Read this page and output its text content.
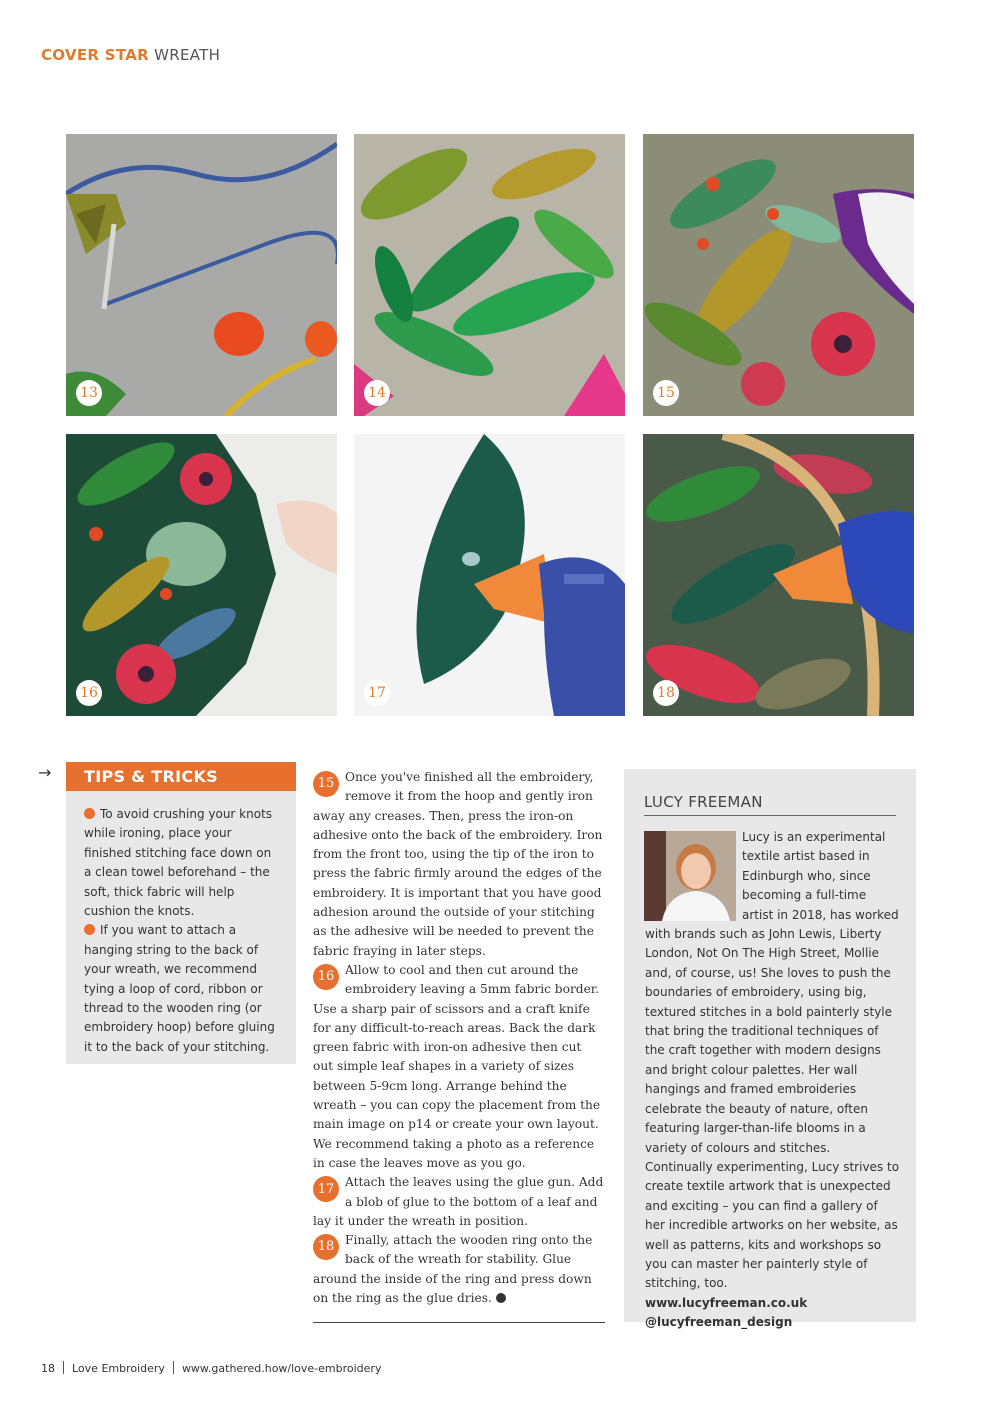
COVER STAR WREATH
13	14	15
16	17	18
→	TIPS & TRICKS

To avoid crushing your knots while ironing, place your finished stitching face down on a clean towel beforehand – the soft, thick fabric will help cushion the knots.

If you want to attach a hanging string to the back of your wreath, we recommend tying a loop of cord, ribbon or thread to the wooden ring (or embroidery hoop) before gluing it to the back of your stitching.

15 Once you've finished all the embroidery, remove it from the hoop and gently iron away any creases. Then, press the iron-on adhesive onto the back of the embroidery. Iron from the front too, using the tip of the iron to press the fabric firmly around the edges of the embroidery. It is important that you have good adhesion around the outside of your stitching as the adhesive will be needed to prevent the fabric fraying in later steps.

16 Allow to cool and then cut around the embroidery leaving a 5mm fabric border. Use a sharp pair of scissors and a craft knife for any difficult-to-reach areas. Back the dark green fabric with iron-on adhesive then cut out simple leaf shapes in a variety of sizes between 5-9cm long. Arrange behind the wreath – you can copy the placement from the main image on p14 or create your own layout. We recommend taking a photo as a reference in case the leaves move as you go.

17 Attach the leaves using the glue gun. Add a blob of glue to the bottom of a leaf and lay it under the wreath in position.

18 Finally, attach the wooden ring onto the back of the wreath for stability. Glue around the inside of the ring and press down on the ring as the glue dries.

LUCY FREEMAN

Lucy is an experimental textile artist based in Edinburgh who, since becoming a full-time artist in 2018, has worked with brands such as John Lewis, Liberty London, Not On The High Street, Mollie and, of course, us! She loves to push the boundaries of embroidery, using big, textured stitches in a bold painterly style that bring the traditional techniques of the craft together with modern designs and bright colour palettes. Her wall hangings and framed embroideries celebrate the beauty of nature, often featuring larger-than-life blooms in a variety of colours and stitches. Continually experimenting, Lucy strives to create textile artwork that is unexpected and exciting – you can find a gallery of her incredible artworks on her website, as well as patterns, kits and workshops so you can master her painterly style of stitching, too.

www.lucyfreeman.co.uk

@lucyfreeman_design

18 Love Embroidery www.gathered.how/love-embroidery
